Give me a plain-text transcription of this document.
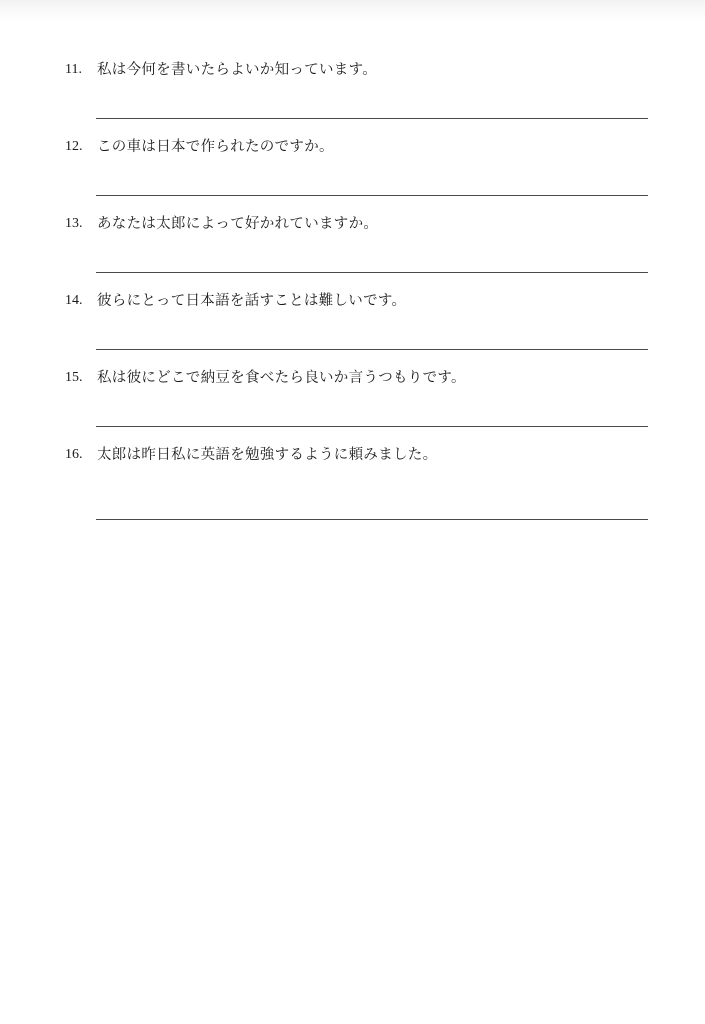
11. 私は今何を書いたらよいか知っています。
12. この車は日本で作られたのですか。
13. あなたは太郎によって好かれていますか。
14. 彼らにとって日本語を話すことは難しいです。
15. 私は彼にどこで納豆を食べたら良いか言うつもりです。
16. 太郎は昨日私に英語を勉強するように頼みました。
